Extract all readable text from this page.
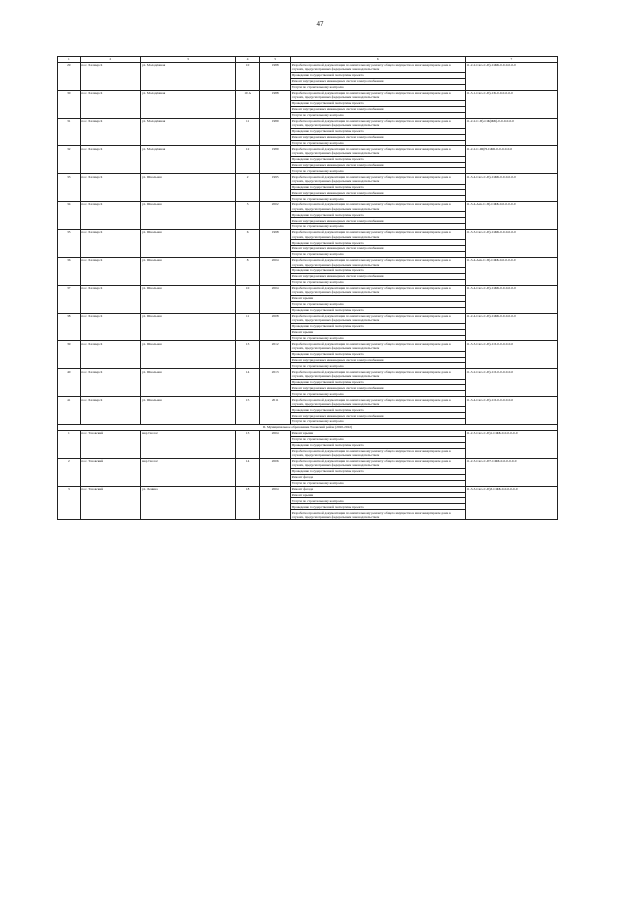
47
1	2	3	4	5	6	7
29	пос. Халмерсё	ул. Молодёжная	10	1988	Разработка проектной документации по капитальному ремонту общего имущества в многоквартирном доме в случаях, предусмотренных федеральным законодательством	11-2-2-Сжэ-С-П)-СЖБ-0-0-0-0-0-0
					Проведение государственной экспертизы проекта	
					Ремонт внутридомовых инженерных систем электроснабжения	
					Услуги по строительному контролю	
30	пос. Халмерсё	ул. Молодёжная	10 А	1988	Разработка проектной документации по капитальному ремонту общего имущества в многоквартирном доме в случаях, предусмотренных федеральным законодательством	11-3-1-Сжэ-С-П)-СБ-0-0-0-0-0-0
					Проведение государственной экспертизы проекта	
					Ремонт внутридомовых инженерных систем электроснабжения	
					Услуги по строительному контролю	
31	пос. Халмерсё	ул. Молодёжная	11	1989	Разработка проектной документации по капитальному ремонту общего имущества в многоквартирном доме в случаях, предусмотренных федеральным законодательством	11-2-2-С-П)-СЖ(ЖБ)-0-0-0-0-0-0
					Проведение государственной экспертизы проекта	
					Ремонт внутридомовых инженерных систем электроснабжения	
					Услуги по строительному контролю	
32	пос. Халмерсё	ул. Молодёжная	12	1989	Разработка проектной документации по капитальному ремонту общего имущества в многоквартирном доме в случаях, предусмотренных федеральным законодательством	11-2-2-С-Ш(Н-СЖБ-0-0-0-0-0-0
					Проведение государственной экспертизы проекта	
					Ремонт внутридомовых инженерных систем электроснабжения	
					Услуги по строительному контролю	
33	пос. Халмерсё	ул. Школьная	2	1995	Разработка проектной документации по капитальному ремонту общего имущества в многоквартирном доме в случаях, предусмотренных федеральным законодательством	11-3-4-Сжэ-С-П)-СЖБ-0-0-0-0-0-0
					Проведение государственной экспертизы проекта	
					Ремонт внутридомовых инженерных систем электроснабжения	
					Услуги по строительному контролю	
34	пос. Халмерсё	ул. Школьная	5	2002	Разработка проектной документации по капитальному ремонту общего имущества в многоквартирном доме в случаях, предусмотренных федеральным законодательством	11-3-4-Анэ-С-П)-СЖБ-0-0-0-0-0-0
					Проведение государственной экспертизы проекта	
					Ремонт внутридомовых инженерных систем электроснабжения	
					Услуги по строительному контролю	
35	пос. Халмерсё	ул. Школьная	6	1998	Разработка проектной документации по капитальному ремонту общего имущества в многоквартирном доме в случаях, предусмотренных федеральным законодательством	11-3-3-Сжэ-С-П)-СЖБ-0-0-0-0-0-0
					Проведение государственной экспертизы проекта	
					Ремонт внутридомовых инженерных систем электроснабжения	
					Услуги по строительному контролю	
36	пос. Халмерсё	ул. Школьная	8	2004	Разработка проектной документации по капитальному ремонту общего имущества в многоквартирном доме в случаях, предусмотренных федеральным законодательством	11-3-4-Анэ-С-П)-СЖБ-0-0-0-0-0-0
					Проведение государственной экспертизы проекта	
					Ремонт внутридомовых инженерных систем электроснабжения	
					Услуги по строительному контролю	
37	пос. Халмерсё	ул. Школьная	10	2004	Разработка проектной документации по капитальному ремонту общего имущества в многоквартирном доме в случаях, предусмотренных федеральным законодательством	11-3-4-Сжэ-С-П)-СЖБ-0-0-0-0-0-0
					Ремонт крыши	
					Услуги по строительному контролю	
					Проведение государственной экспертизы проекта	
38	пос. Халмерсё	ул. Школьная	11	2008	Разработка проектной документации по капитальному ремонту общего имущества в многоквартирном доме в случаях, предусмотренных федеральным законодательством	11-2-4-Сжэ-С-П)-СЖБ-0-0-0-0-0-0
					Проведение государственной экспертизы проекта	
					Ремонт крыши	
					Услуги по строительному контролю	
39	пос. Халмерсё	ул. Школьная	13	2012	Разработка проектной документации по капитальному ремонту общего имущества в многоквартирном доме в случаях, предусмотренных федеральным законодательством	11-3-3-Сжэ-С-П)-СЛ-0-0-0-0-0-0
					Проведение государственной экспертизы проекта	
					Ремонт внутридомовых инженерных систем электроснабжения	
					Услуги по строительному контролю	
40	пос. Халмерсё	ул. Школьная	14	2013	Разработка проектной документации по капитальному ремонту общего имущества в многоквартирном доме в случаях, предусмотренных федеральным законодательством	11-3-2-Сжэ-С-П)-СЛ-0-0-0-0-0-0
					Проведение государственной экспертизы проекта	
					Ремонт внутридомовых инженерных систем электроснабжения	
					Услуги по строительному контролю	
41	пос. Халмерсё	ул. Школьная	15	2011	Разработка проектной документации по капитальному ремонту общего имущества в многоквартирном доме в случаях, предусмотренных федеральным законодательством	11-3-4-Сжэ-С-П)-СЛ-0-0-0-0-0-0
					Проведение государственной экспертизы проекта	
					Ремонт внутридомовых инженерных систем электроснабжения	
					Услуги по строительному контролю	
II. Муниципальное образование Тазовский район (2020-2022)						
1	пос. Тазовский	мкр Геолог	13	2004	Ремонт крыши	11-2-3-Сжэ-С-П)1-СЖБ-0-0-0-0-0-0
					Услуги по строительному контролю	
					Проведение государственной экспертизы проекта	
					Разработка проектной документации по капитальному ремонту общего имущества в многоквартирном доме в случаях, предусмотренных федеральным законодательством	
2	пос. Тазовский	мкр Геолог	14	2006	Разработка проектной документации по капитальному ремонту общего имущества в многоквартирном доме в случаях, предусмотренных федеральным законодательством	11-2-3-Сжэ-С-П7-СЖБ-0-0-0-0-0-0
					Проведение государственной экспертизы проекта	
					Ремонт фасада	
					Услуги по строительному контролю	
3	пос. Тазовский	ул. Ленина	18	2004	Ремонт фасада	11-3-3-Сжэ-С-П)3-СЖБ-0-0-0-0-0-0
					Ремонт крыши	
					Услуги по строительному контролю	
					Проведение государственной экспертизы проекта	
					Разработка проектной документации по капитальному ремонту общего имущества в многоквартирном доме в случаях, предусмотренных федеральным законодательством	
